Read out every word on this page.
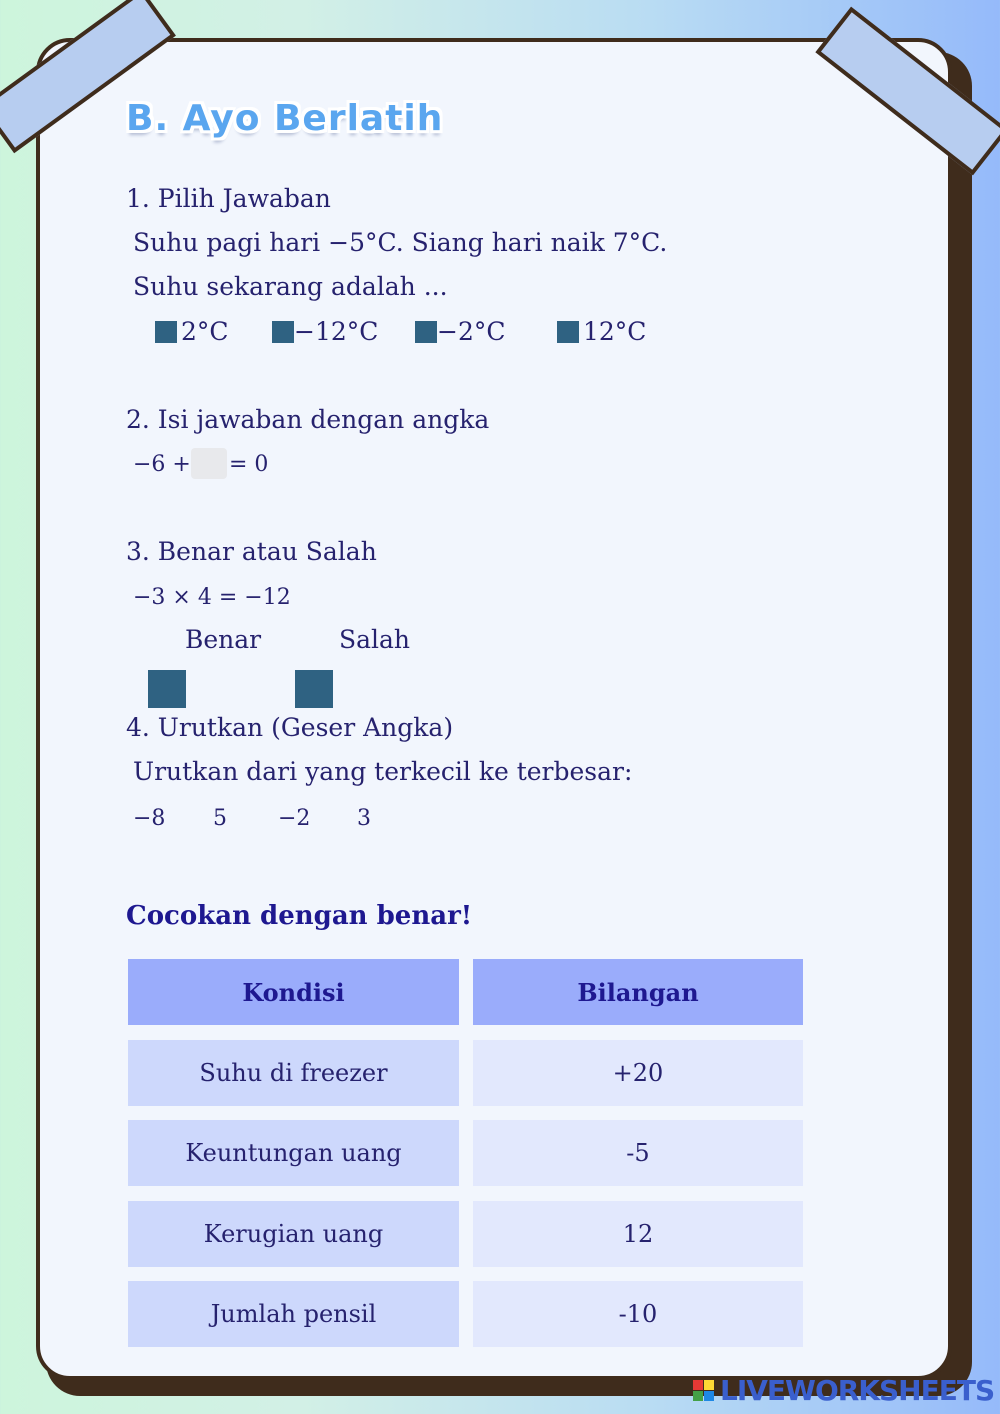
B. Ayo Berlatih

1. Pilih Jawaban

Suhu pagi hari −5°C. Siang hari naik 7°C.

Suhu sekarang adalah ...

2°C	−12°C −2°C	12°C

2. Isi jawaban dengan angka

−6 + = 0

3. Benar atau Salah

−3 × 4 = −12
Benar	Salah

4. Urutkan (Geser Angka)

Urutkan dari yang terkecil ke terbesar:

−8 5 −2 3
Cocokan dengan benar!
Kondisi	Bilangan
Suhu di freezer	+20
Keuntungan uang	-5
Kerugian uang	12
Jumlah pensil	-10
LIVEWORKSHEETS
